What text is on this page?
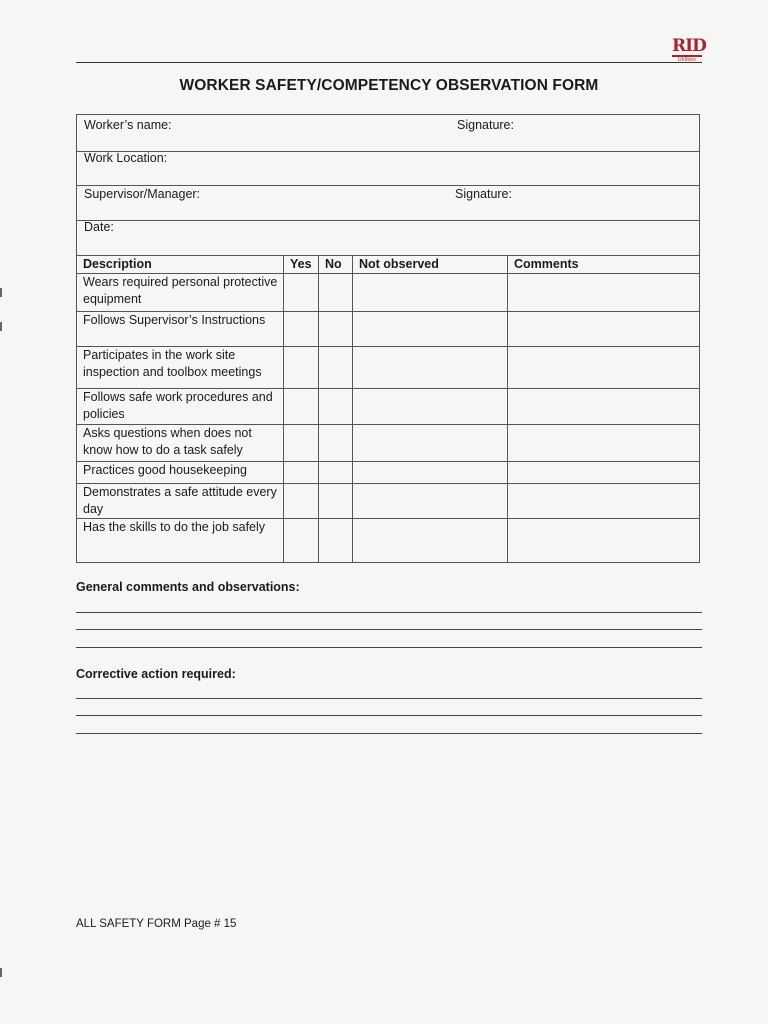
RID
Utilities
WORKER SAFETY/COMPETENCY OBSERVATION FORM
Worker’s name:	Signature:
Work Location:
Supervisor/Manager:	Signature:
Date:
Description	Yes	No	Not observed	Comments
Wears required personal protective equipment				
Follows Supervisor’s Instructions				
Participates in the work site inspection and toolbox meetings				
Follows safe work procedures and policies				
Asks questions when does not know how to do a task safely				
Practices good housekeeping				
Demonstrates a safe attitude every day				
Has the skills to do the job safely				
General comments and observations:
Corrective action required:
ALL SAFETY FORM Page # 15
